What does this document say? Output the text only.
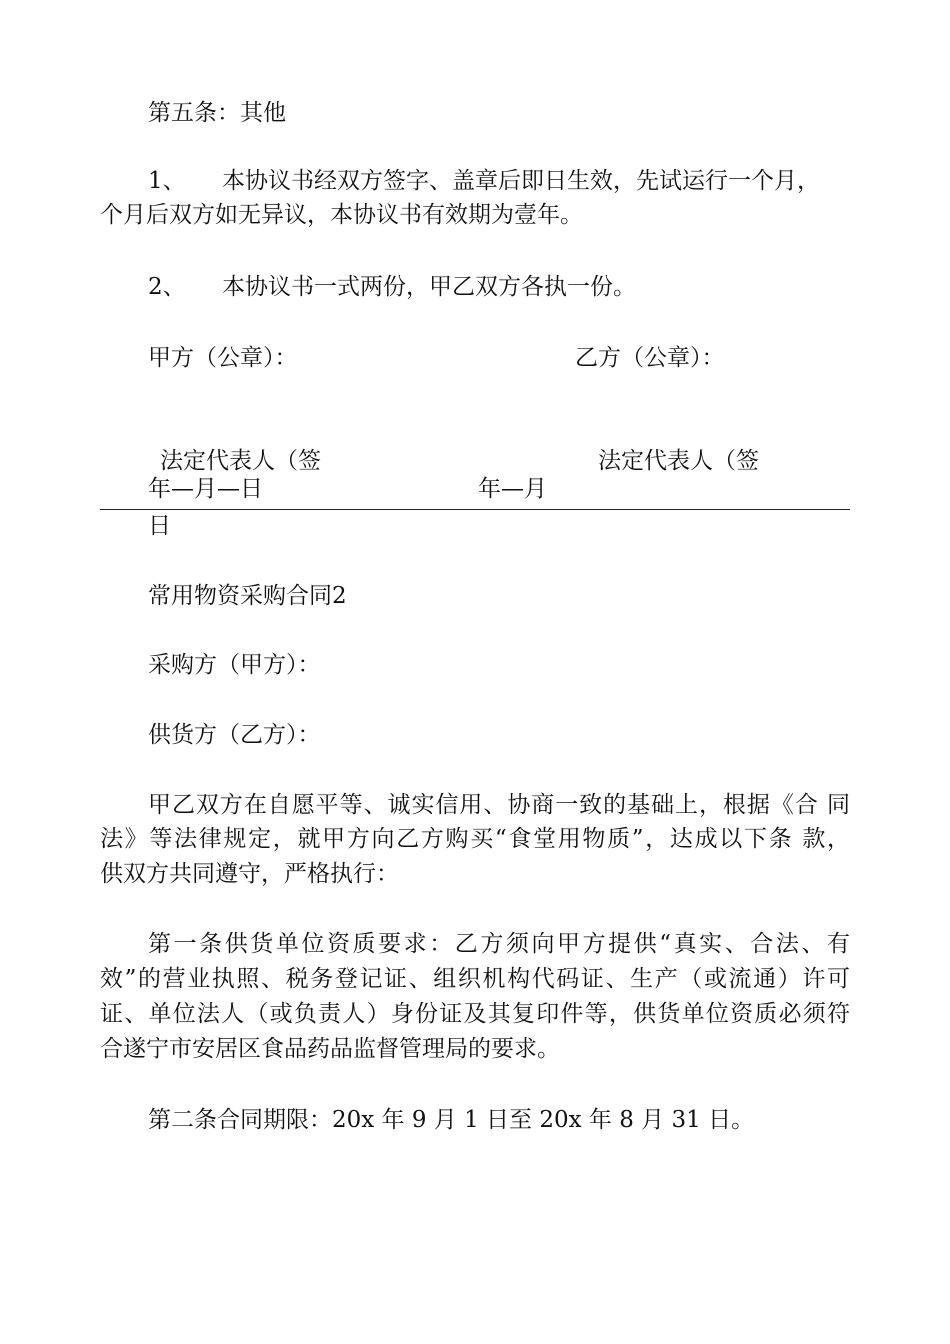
第五条：其他
1、 本协议书经双方签字、盖章后即日生效，先试运行一个月，
个月后双方如无异议，本协议书有效期为壹年。
2、 本协议书一式两份，甲乙双方各执一份。
甲方（公章）：	乙方（公章）：
法定代表人（签	法定代表人（签
年—月—日	年—月
日
常用物资采购合同2
采购方（甲方）：
供货方（乙方）：
甲乙双方在自愿平等、诚实信用、协商一致的基础上，根据《合 同
法》等法律规定，就甲方向乙方购买“食堂用物质”，达成以下条 款，
供双方共同遵守，严格执行：
第一条供货单位资质要求：乙方须向甲方提供“真实、合法、有
效”的营业执照、税务登记证、组织机构代码证、生产（或流通）许可
证、单位法人（或负责人）身份证及其复印件等，供货单位资质必须符
合遂宁市安居区食品药品监督管理局的要求。
第二条合同期限：20x 年 9 月 1 日至 20x 年 8 月 31 日。
